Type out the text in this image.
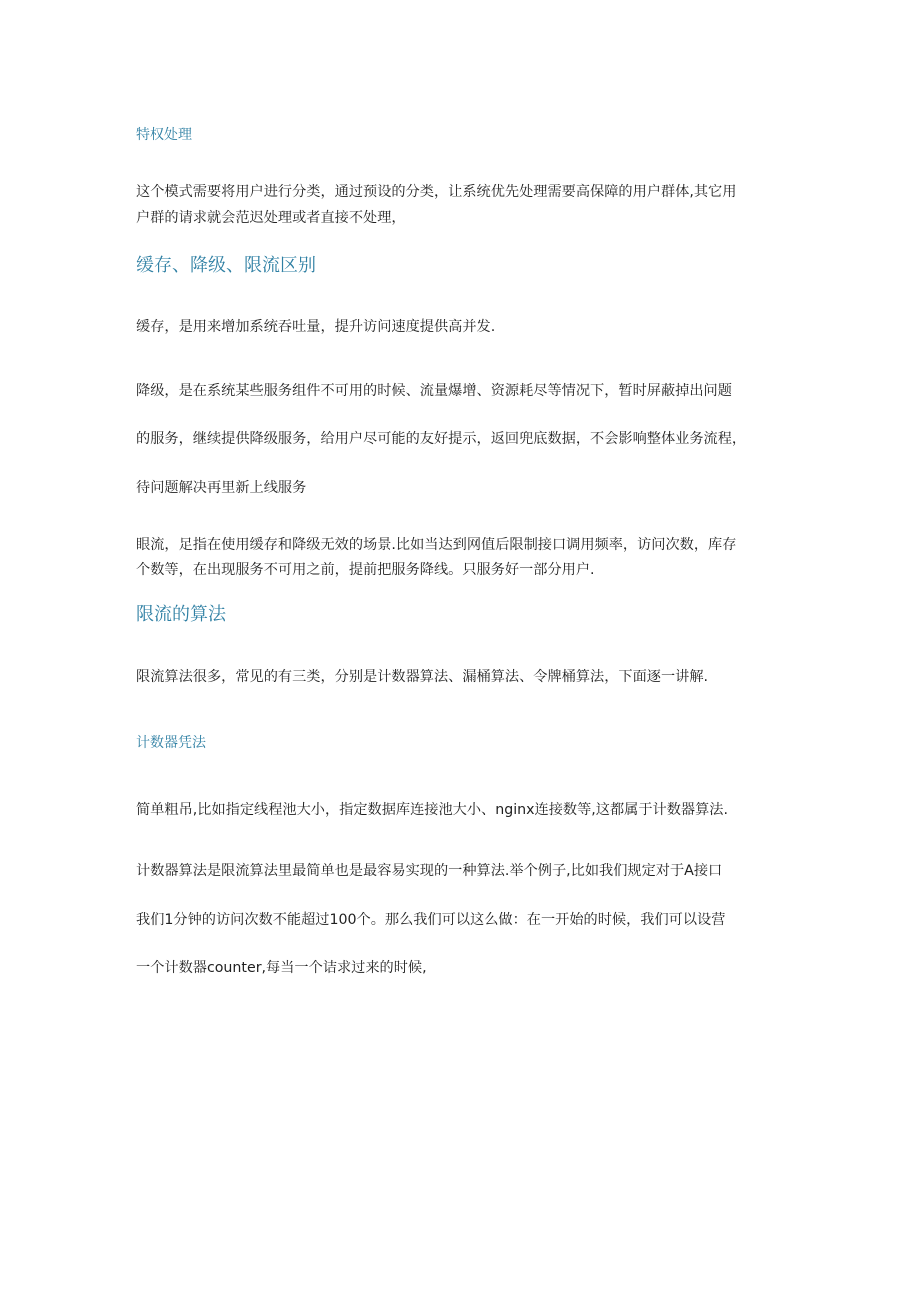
特权处理

这个模式需要将用户进行分类，通过预设的分类，让系统优先处理需要高保障的用户群体,其它用

户群的请求就会范迟处理或者直接不处理，

缓存、降级、限流区别

缓存，是用来增加系统吞吐量，提升访问速度提供高并发.

降级，是在系统某些服务组件不可用的时候、流量爆增、资源耗尽等情况下，暂时屏蔽掉出问题

的服务，继续提供降级服务，给用户尽可能的友好提示，返回兜底数据，不会影响整体业务流程，

待问题解决再里新上线服务

眼流，足指在使用缓存和降级无效的场景.比如当达到网值后限制接口调用频率，访问次数，库存

个数等，在出现服务不可用之前，提前把服务降线。只服务好一部分用户.

限流的算法

限流算法很多，常见的有三类，分别是计数器算法、漏桶算法、令牌桶算法，下面逐一讲解.

计数器凭法

简单粗吊,比如指定线程池大小，指定数据库连接池大小、nginx连接数等,这都属于计数器算法.

计数器算法是限流算法里最简单也是最容易实现的一种算法.举个例子,比如我们规定对于A接口

我们1分钟的访问次数不能超过100个。那么我们可以这么做：在一开始的时候，我们可以设营

一个计数器counter,每当一个诘求过来的时候,
